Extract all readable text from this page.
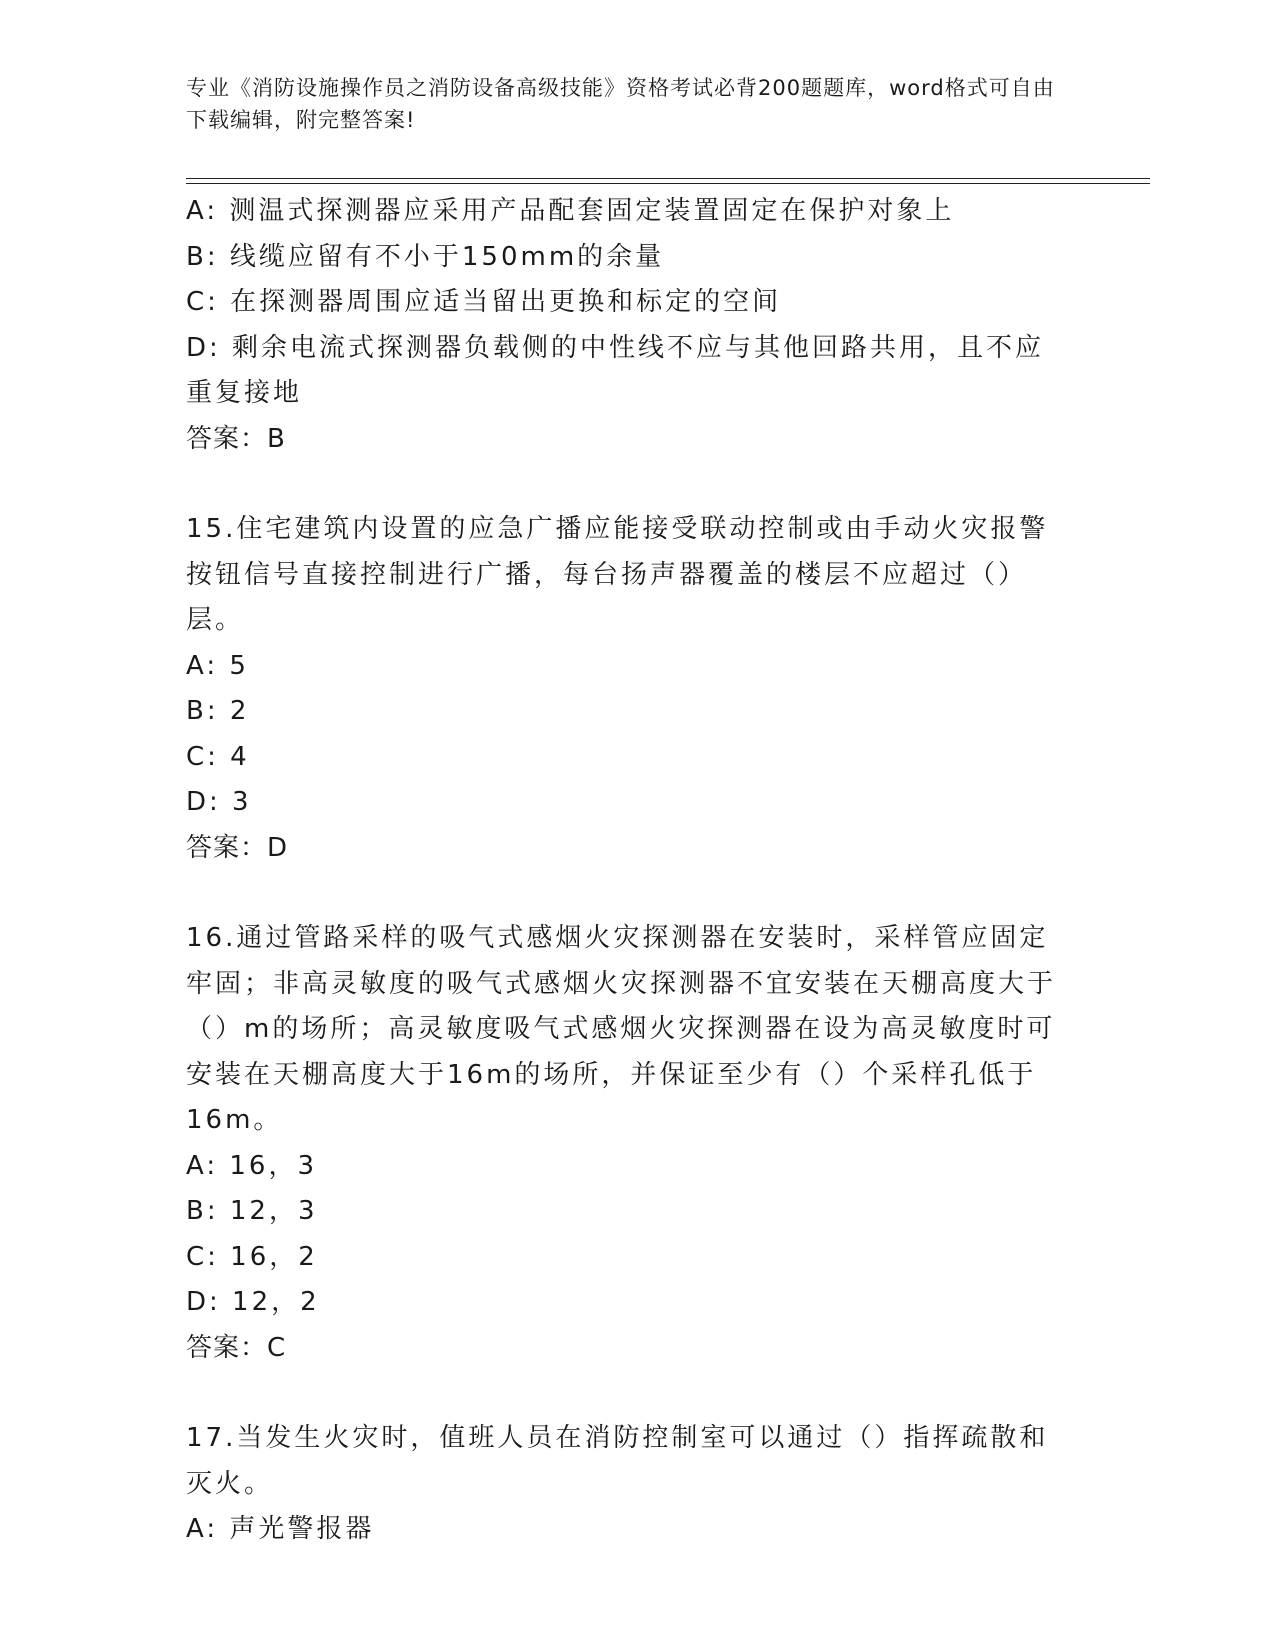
专业《消防设施操作员之消防设备高级技能》资格考试必背200题题库，word格式可自由下载编辑，附完整答案!

A: 测温式探测器应采用产品配套固定装置固定在保护对象上

B: 线缆应留有不小于150mm的余量

C: 在探测器周围应适当留出更换和标定的空间

D: 剩余电流式探测器负载侧的中性线不应与其他回路共用，且不应重复接地

答案：B

15.住宅建筑内设置的应急广播应能接受联动控制或由手动火灾报警按钮信号直接控制进行广播，每台扬声器覆盖的楼层不应超过（）层。

A: 5

B: 2

C: 4

D: 3

答案：D

16.通过管路采样的吸气式感烟火灾探测器在安装时，采样管应固定牢固；非高灵敏度的吸气式感烟火灾探测器不宜安装在天棚高度大于（）m的场所；高灵敏度吸气式感烟火灾探测器在设为高灵敏度时可安装在天棚高度大于16m的场所，并保证至少有（）个采样孔低于16m。

A: 16，3

B: 12，3

C: 16，2

D: 12，2

答案：C

17.当发生火灾时，值班人员在消防控制室可以通过（）指挥疏散和灭火。

A: 声光警报器
